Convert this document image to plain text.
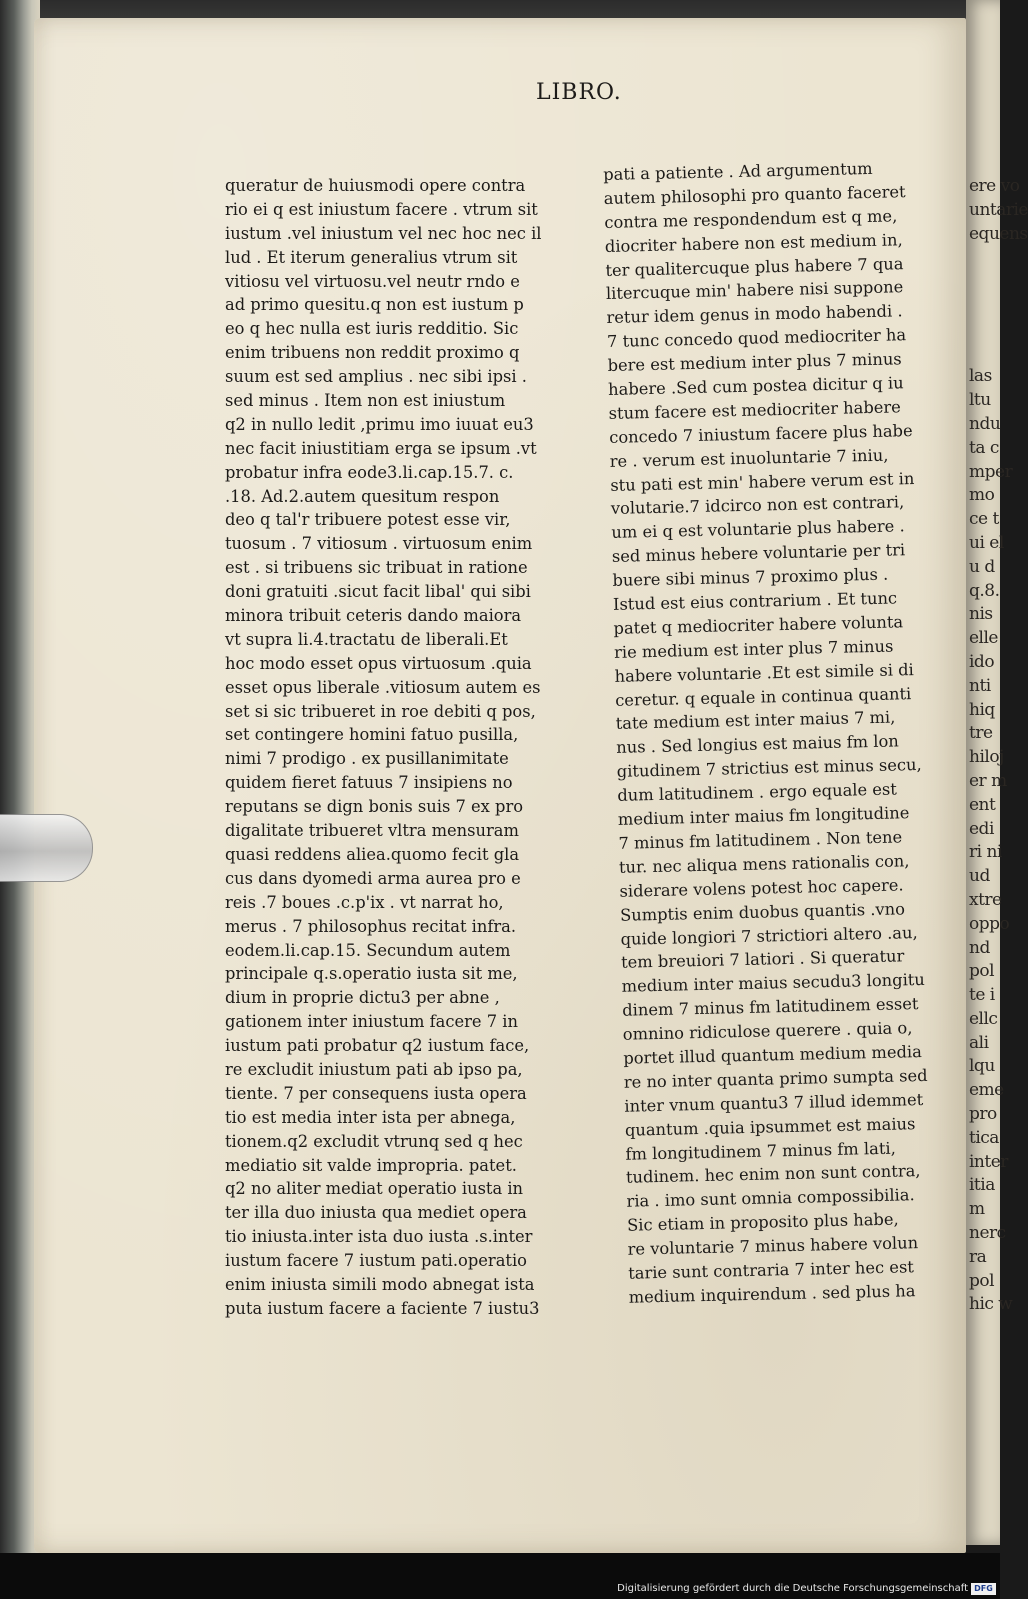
ere vo
untarie
equens
las
ltu
ndu
ta c
mper
mo
ce t
ui el
u d
q.8.
nis
elle
ido
nti
hiq
tre
hiloj
er m
ent
edi
ri ni
ud
xtre
oppo
nd
pol
te i
ellc
ali
lqu
eme
pro
tica
inter
itia
m
nerc
ra
pol
hic w
LIBRO.
queratur de huiusmodi opere contra
rio ei q est iniustum facere . vtrum sit
iustum .vel iniustum vel nec hoc nec il
lud . Et iterum generalius vtrum sit
vitiosu vel virtuosu.vel neutr rndo e
ad primo quesitu.q non est iustum p
eo q hec nulla est iuris redditio. Sic
enim tribuens non reddit proximo q
suum est sed amplius . nec sibi ipsi .
sed minus . Item non est iniustum
q2 in nullo ledit ,primu imo iuuat eu3
nec facit iniustitiam erga se ipsum .vt
probatur infra eode3.li.cap.15.7. c.
.18. Ad.2.autem quesitum respon
deo q tal'r tribuere potest esse vir,
tuosum . 7 vitiosum . virtuosum enim
est . si tribuens sic tribuat in ratione
doni gratuiti .sicut facit libal' qui sibi
minora tribuit ceteris dando maiora
vt supra li.4.tractatu de liberali.Et
hoc modo esset opus virtuosum .quia
esset opus liberale .vitiosum autem es
set si sic tribueret in roe debiti q pos,
set contingere homini fatuo pusilla,
nimi 7 prodigo . ex pusillanimitate
quidem fieret fatuus 7 insipiens no
reputans se dign bonis suis 7 ex pro
digalitate tribueret vltra mensuram
quasi reddens aliea.quomo fecit gla
cus dans dyomedi arma aurea pro e
reis .7 boues .c.p'ix . vt narrat ho,
merus . 7 philosophus recitat infra.
eodem.li.cap.15. Secundum autem
principale q.s.operatio iusta sit me,
dium in proprie dictu3 per abne ,
gationem inter iniustum facere 7 in
iustum pati probatur q2 iustum face,
re excludit iniustum pati ab ipso pa,
tiente. 7 per consequens iusta opera
tio est media inter ista per abnega,
tionem.q2 excludit vtrunq sed q hec
mediatio sit valde impropria. patet.
q2 no aliter mediat operatio iusta in
ter illa duo iniusta qua mediet opera
tio iniusta.inter ista duo iusta .s.inter
iustum facere 7 iustum pati.operatio
enim iniusta simili modo abnegat ista
puta iustum facere a faciente 7 iustu3
pati a patiente . Ad argumentum
autem philosophi pro quanto faceret
contra me respondendum est q me,
diocriter habere non est medium in,
ter qualitercuque plus habere 7 qua
litercuque min' habere nisi suppone
retur idem genus in modo habendi .
7 tunc concedo quod mediocriter ha
bere est medium inter plus 7 minus
habere .Sed cum postea dicitur q iu
stum facere est mediocriter habere
concedo 7 iniustum facere plus habe
re . verum est inuoluntarie 7 iniu,
stu pati est min' habere verum est in
volutarie.7 idcirco non est contrari,
um ei q est voluntarie plus habere .
sed minus hebere voluntarie per tri
buere sibi minus 7 proximo plus .
Istud est eius contrarium . Et tunc
patet q mediocriter habere volunta
rie medium est inter plus 7 minus
habere voluntarie .Et est simile si di
ceretur. q equale in continua quanti
tate medium est inter maius 7 mi,
nus . Sed longius est maius fm lon
gitudinem 7 strictius est minus secu,
dum latitudinem . ergo equale est
medium inter maius fm longitudine
7 minus fm latitudinem . Non tene
tur. nec aliqua mens rationalis con,
siderare volens potest hoc capere.
Sumptis enim duobus quantis .vno
quide longiori 7 strictiori altero .au,
tem breuiori 7 latiori . Si queratur
medium inter maius secudu3 longitu
dinem 7 minus fm latitudinem esset
omnino ridiculose querere . quia o,
portet illud quantum medium media
re no inter quanta primo sumpta sed
inter vnum quantu3 7 illud idemmet
quantum .quia ipsummet est maius
fm longitudinem 7 minus fm lati,
tudinem. hec enim non sunt contra,
ria . imo sunt omnia compossibilia.
Sic etiam in proposito plus habe,
re voluntarie 7 minus habere volun
tarie sunt contraria 7 inter hec est
medium inquirendum . sed plus ha
Digitalisierung gefördert durch die Deutsche Forschungsgemeinschaft DFG
